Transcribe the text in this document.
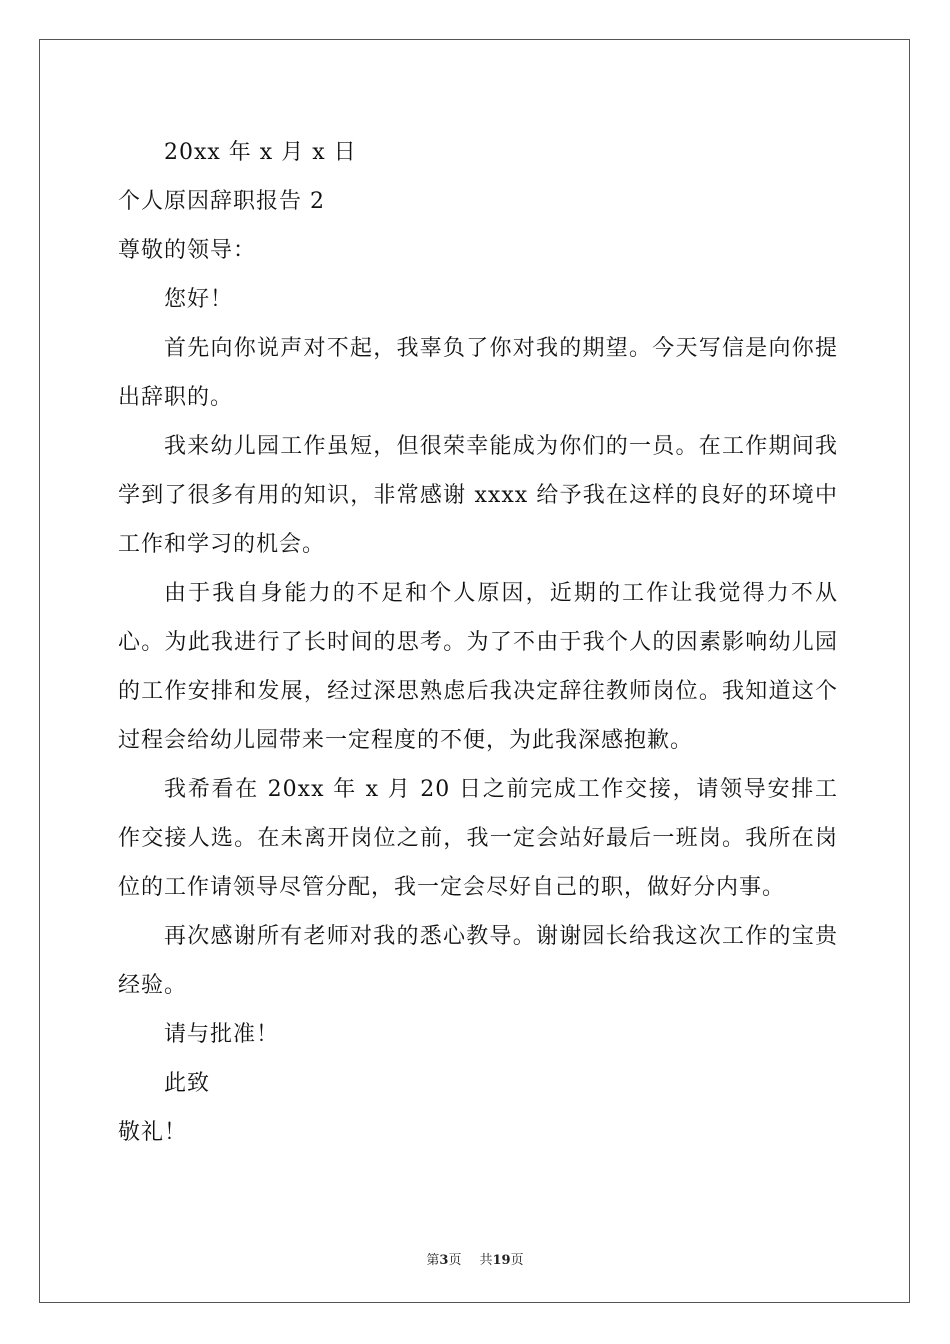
20xx 年 x 月 x 日
个人原因辞职报告 2
尊敬的领导：
您好！
首先向你说声对不起，我辜负了你对我的期望。今天写信是向你提出辞职的。
我来幼儿园工作虽短，但很荣幸能成为你们的一员。在工作期间我学到了很多有用的知识，非常感谢 xxxx 给予我在这样的良好的环境中工作和学习的机会。
由于我自身能力的不足和个人原因，近期的工作让我觉得力不从心。为此我进行了长时间的思考。为了不由于我个人的因素影响幼儿园的工作安排和发展，经过深思熟虑后我决定辞往教师岗位。我知道这个过程会给幼儿园带来一定程度的不便，为此我深感抱歉。
我希看在 20xx 年 x 月 20 日之前完成工作交接，请领导安排工作交接人选。在未离开岗位之前，我一定会站好最后一班岗。我所在岗位的工作请领导尽管分配，我一定会尽好自己的职，做好分内事。
再次感谢所有老师对我的悉心教导。谢谢园长给我这次工作的宝贵经验。
请与批准！
此致
敬礼！
第3页 共19页
